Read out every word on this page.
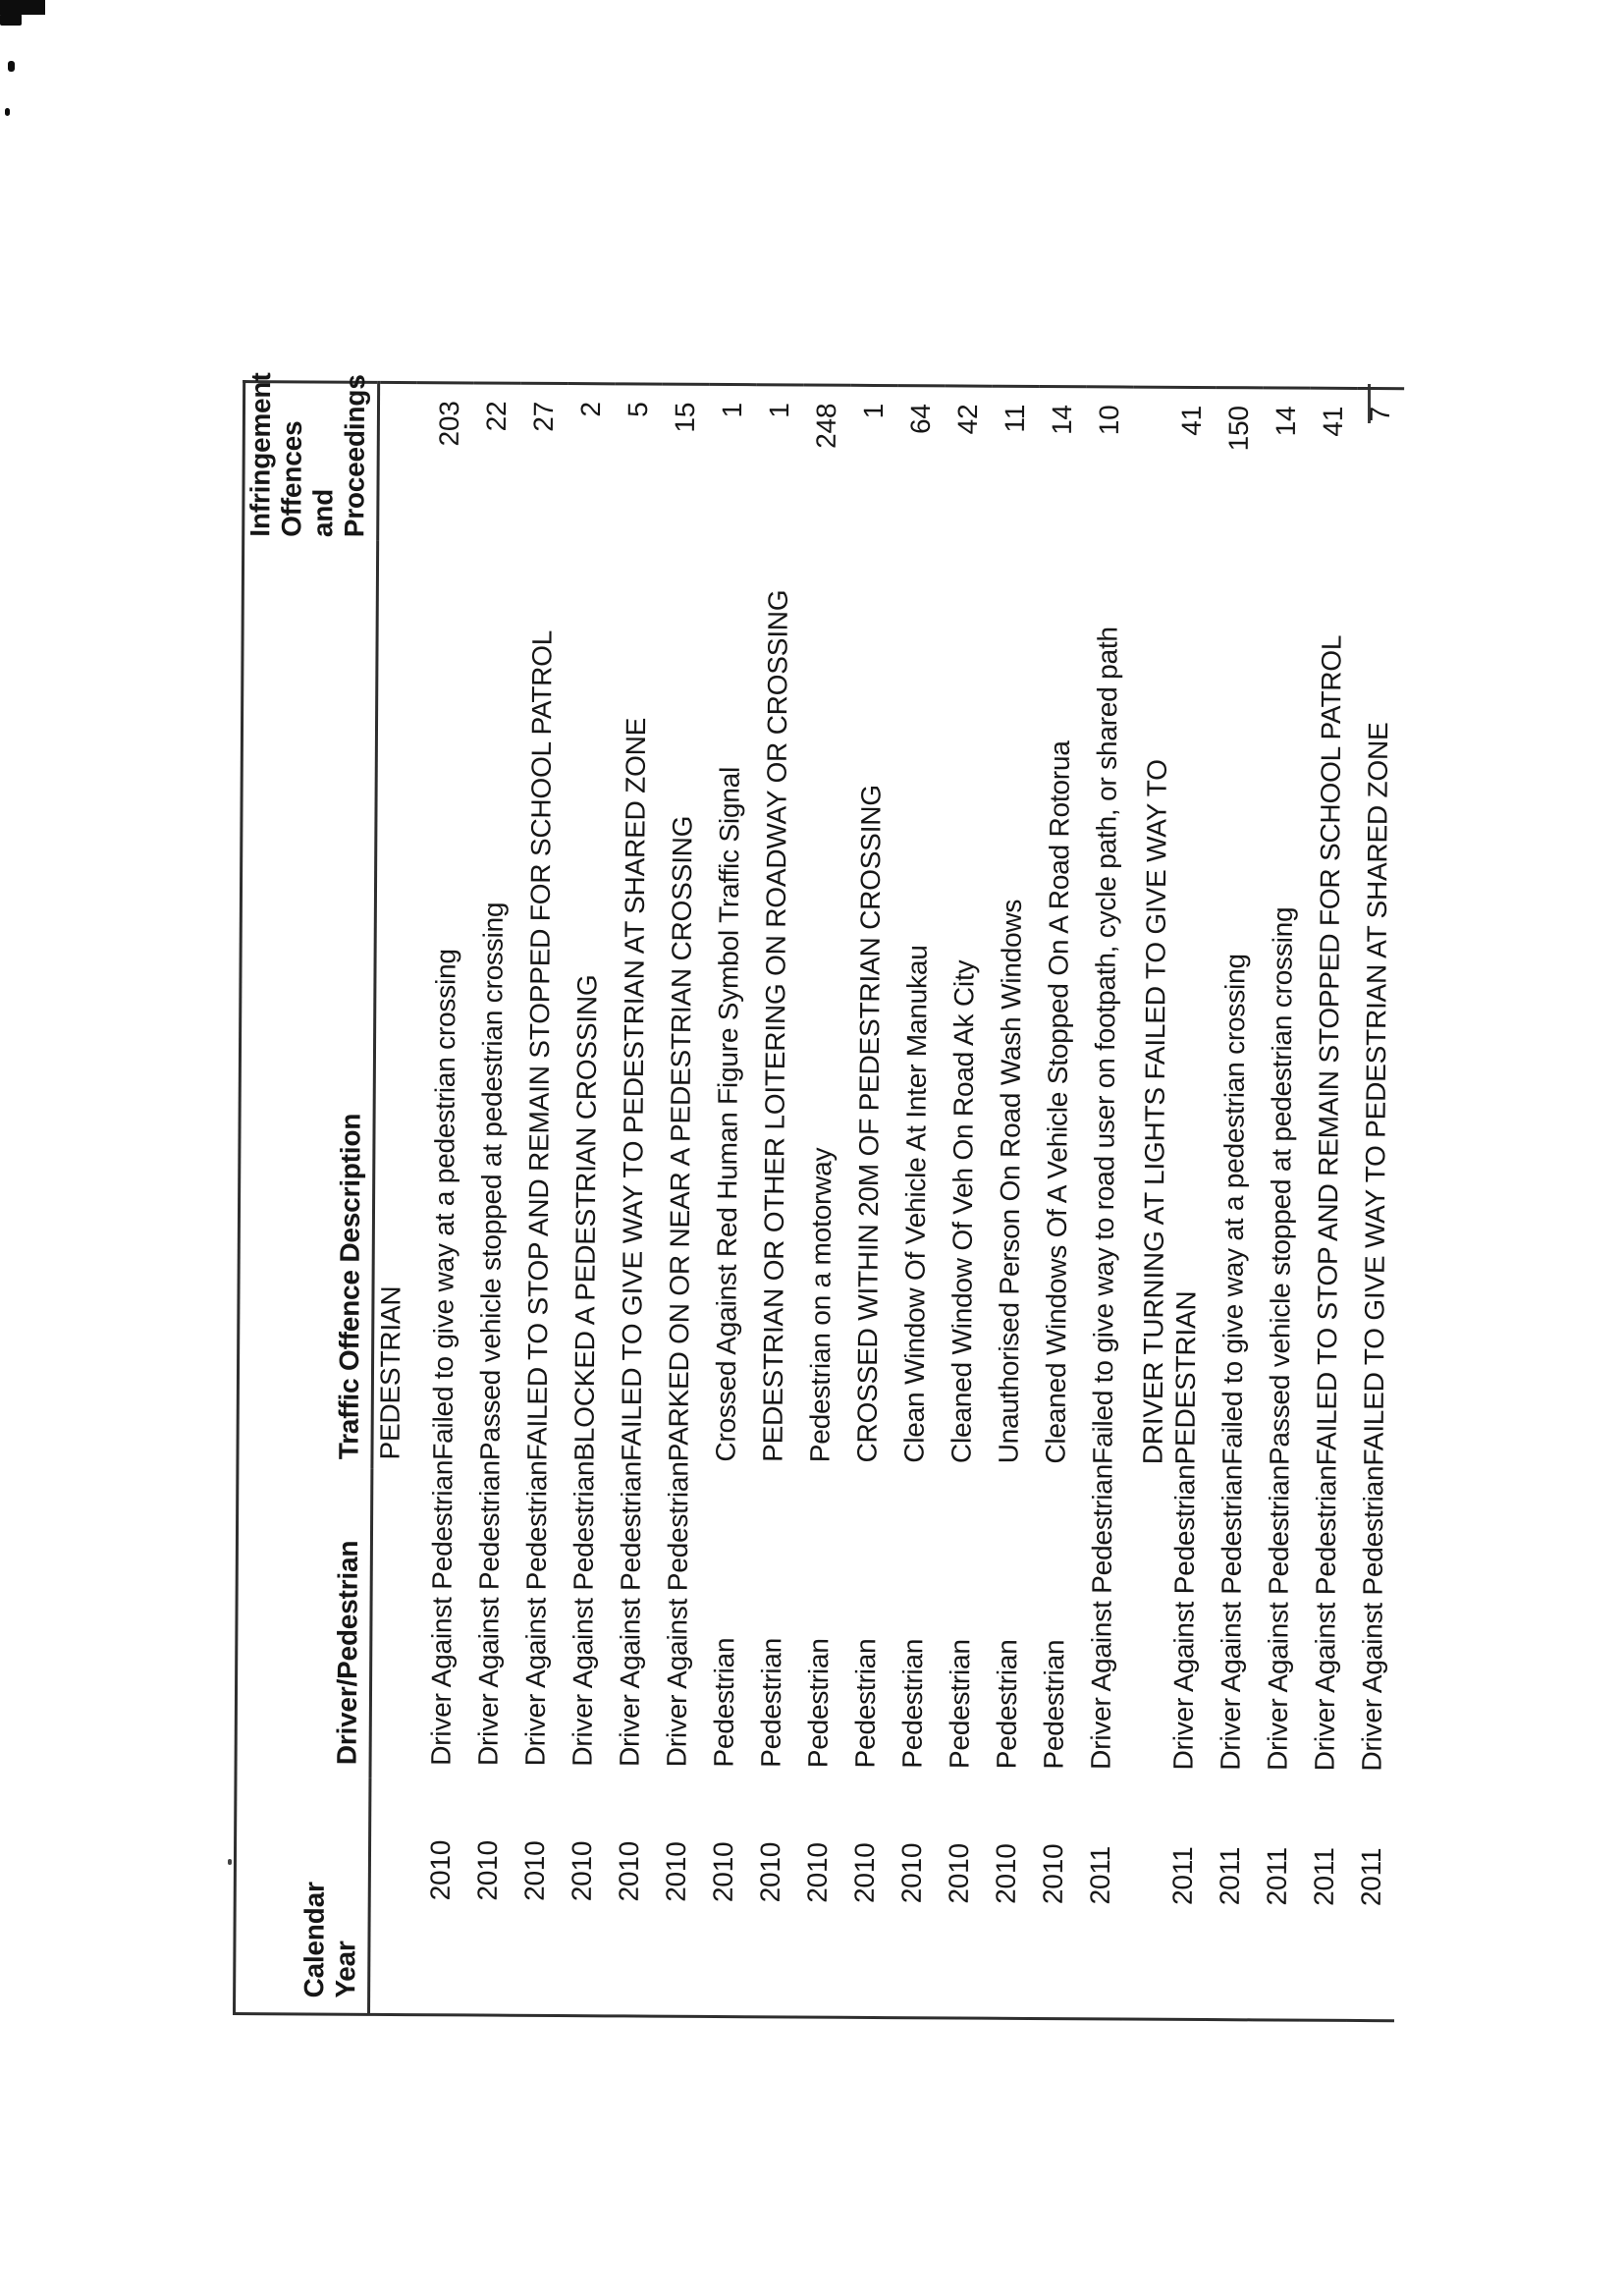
Calendar
Year	Driver/Pedestrian	Traffic Offence Description	Infringement
Offences
and
Proceedings
		PEDESTRIAN	
2010	Driver Against Pedestrian	Failed to give way at a pedestrian crossing	203
2010	Driver Against Pedestrian	Passed vehicle stopped at pedestrian crossing	22
2010	Driver Against Pedestrian	FAILED TO STOP AND REMAIN STOPPED FOR SCHOOL PATROL	27
2010	Driver Against Pedestrian	BLOCKED A PEDESTRIAN CROSSING	2
2010	Driver Against Pedestrian	FAILED TO GIVE WAY TO PEDESTRIAN AT SHARED ZONE	5
2010	Driver Against Pedestrian	PARKED ON OR NEAR A PEDESTRIAN CROSSING	15
2010	Pedestrian	Crossed Against Red Human Figure Symbol Traffic Signal	1
2010	Pedestrian	PEDESTRIAN OR OTHER LOITERING ON ROADWAY OR CROSSING	1
2010	Pedestrian	Pedestrian on a motorway	248
2010	Pedestrian	CROSSED WITHIN 20M OF PEDESTRIAN CROSSING	1
2010	Pedestrian	Clean Window Of Vehicle At Inter Manukau	64
2010	Pedestrian	Cleaned Window Of Veh On Road Ak City	42
2010	Pedestrian	Unauthorised Person On Road Wash Windows	11
2010	Pedestrian	Cleaned Windows Of A Vehicle Stopped On A Road Rotorua	14
2011	Driver Against Pedestrian	Failed to give way to road user on footpath, cycle path, or shared path	10
2011	Driver Against Pedestrian	DRIVER TURNING AT LIGHTS FAILED TO GIVE WAY TO
PEDESTRIAN	41
2011	Driver Against Pedestrian	Failed to give way at a pedestrian crossing	150
2011	Driver Against Pedestrian	Passed vehicle stopped at pedestrian crossing	14
2011	Driver Against Pedestrian	FAILED TO STOP AND REMAIN STOPPED FOR SCHOOL PATROL	41
2011	Driver Against Pedestrian	FAILED TO GIVE WAY TO PEDESTRIAN AT SHARED ZONE	7
